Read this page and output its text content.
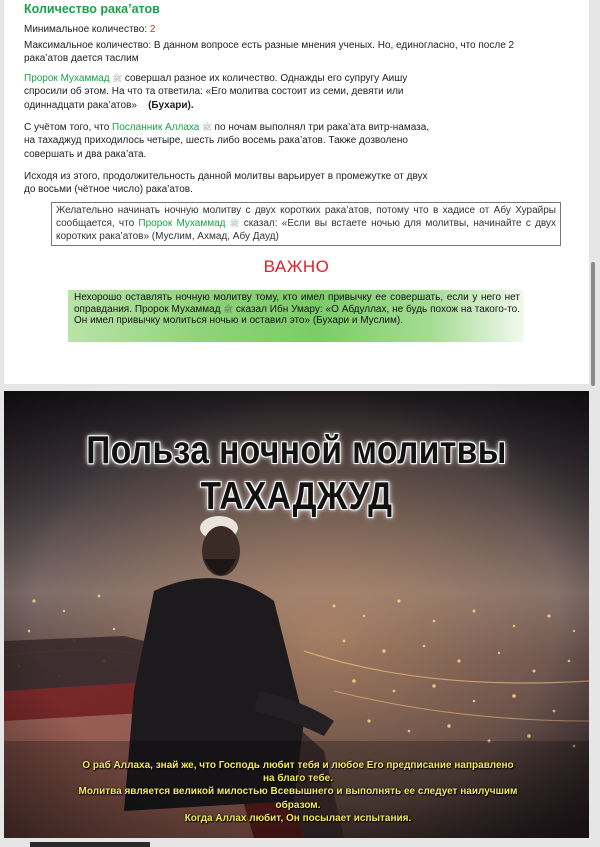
Количество рака’атов

Минимальное количество: 2

Максимальное количество: В данном вопросе есть разные мнения ученых. Но, единогласно, что после 2
рака’атов дается таслим

Пророк Мухаммад ﷺ совершал разное их количество. Однажды его супругу Аишу
спросили об этом. На что та ответила: «Его молитва состоит из семи, девяти или
одиннадцати рака’атов» (Бухари).

С учётом того, что Посланник Аллаха ﷺ по ночам выполнял три рака’ата витр-намаза,
на тахаджуд приходилось четыре, шесть либо восемь рака’атов. Также дозволено
совершать и два рака’ата.

Исходя из этого, продолжительность данной молитвы варьирует в промежутке от двух
до восьми (чётное число) рака’атов.

Желательно начинать ночную молитву с двух коротких рака’атов, потому что в хадисе от Абу Хурайры сообщается, что Пророк Мухаммад ﷺ сказал: «Если вы встаете ночью для молитвы, начинайте с двух коротких рака’атов» (Муслим, Ахмад, Абу Дауд)
ВАЖНО
Нехорошо оставлять ночную молитву тому, кто имел привычку ее совершать, если у него нет оправдания. Пророк Мухаммад ﷺ сказал Ибн Умару: «О Абдуллах, не будь похож на такого-то. Он имел привычку молиться ночью и оставил это» (Бухари и Муслим).
Польза ночной молитвы
ТАХАДЖУД
О раб Аллаха, знай же, что Господь любит тебя и любое Его предписание направлено
на благо тебе.
Молитва является великой милостью Всевышнего и выполнять ее следует наилучшим
образом.
Когда Аллах любит, Он посылает испытания.
